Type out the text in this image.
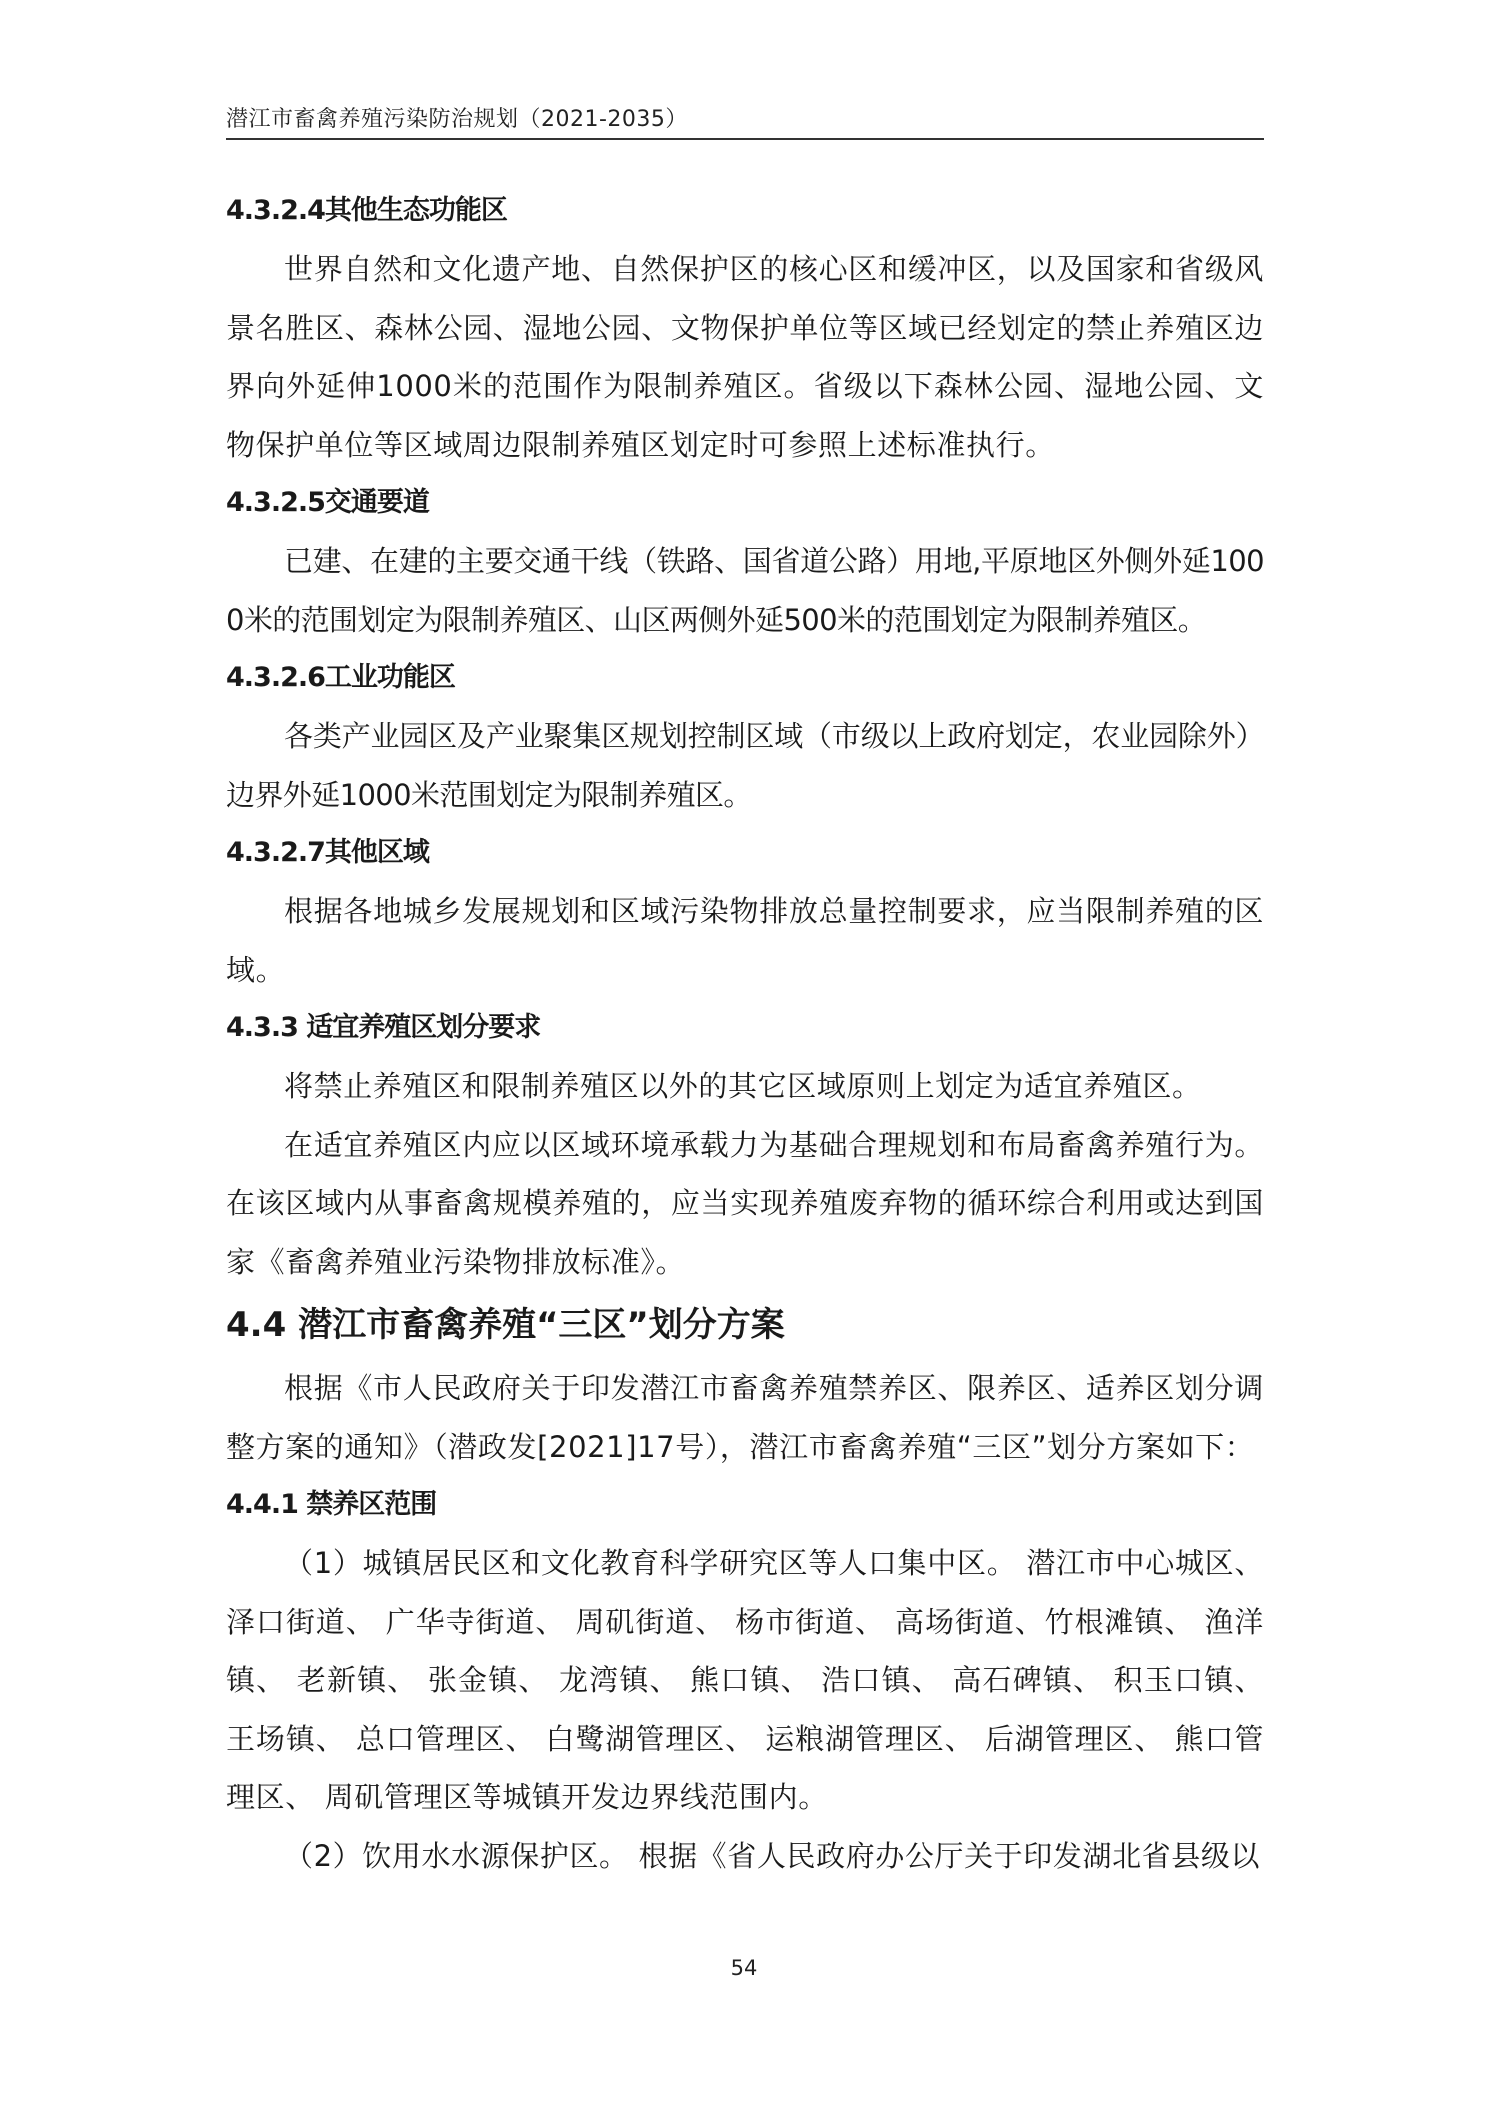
潜江市畜禽养殖污染防治规划（2021-2035）
4.3.2.4其他生态功能区

世界自然和文化遗产地、自然保护区的核心区和缓冲区，以及国家和省级风景名胜区、森林公园、湿地公园、文物保护单位等区域已经划定的禁止养殖区边界向外延伸1000米的范围作为限制养殖区。省级以下森林公园、湿地公园、文物保护单位等区域周边限制养殖区划定时可参照上述标准执行。

4.3.2.5交通要道

已建、在建的主要交通干线（铁路、国省道公路）用地,平原地区外侧外延1000米的范围划定为限制养殖区、山区两侧外延500米的范围划定为限制养殖区。

4.3.2.6工业功能区

各类产业园区及产业聚集区规划控制区域（市级以上政府划定，农业园除外）边界外延1000米范围划定为限制养殖区。

4.3.2.7其他区域

根据各地城乡发展规划和区域污染物排放总量控制要求，应当限制养殖的区域。

4.3.3 适宜养殖区划分要求

将禁止养殖区和限制养殖区以外的其它区域原则上划定为适宜养殖区。

在适宜养殖区内应以区域环境承载力为基础合理规划和布局畜禽养殖行为。在该区域内从事畜禽规模养殖的，应当实现养殖废弃物的循环综合利用或达到国家《畜禽养殖业污染物排放标准》。

4.4 潜江市畜禽养殖“三区”划分方案

根据《市人民政府关于印发潜江市畜禽养殖禁养区、限养区、适养区划分调整方案的通知》（潜政发[2021]17号），潜江市畜禽养殖“三区”划分方案如下：

4.4.1 禁养区范围

（1）城镇居民区和文化教育科学研究区等人口集中区。 潜江市中心城区、泽口街道、 广华寺街道、 周矶街道、 杨市街道、 高场街道、竹根滩镇、 渔洋镇、 老新镇、 张金镇、 龙湾镇、 熊口镇、 浩口镇、 高石碑镇、 积玉口镇、王场镇、 总口管理区、 白鹭湖管理区、 运粮湖管理区、 后湖管理区、 熊口管理区、 周矶管理区等城镇开发边界线范围内。

（2）饮用水水源保护区。 根据《省人民政府办公厅关于印发湖北省县级以

54
